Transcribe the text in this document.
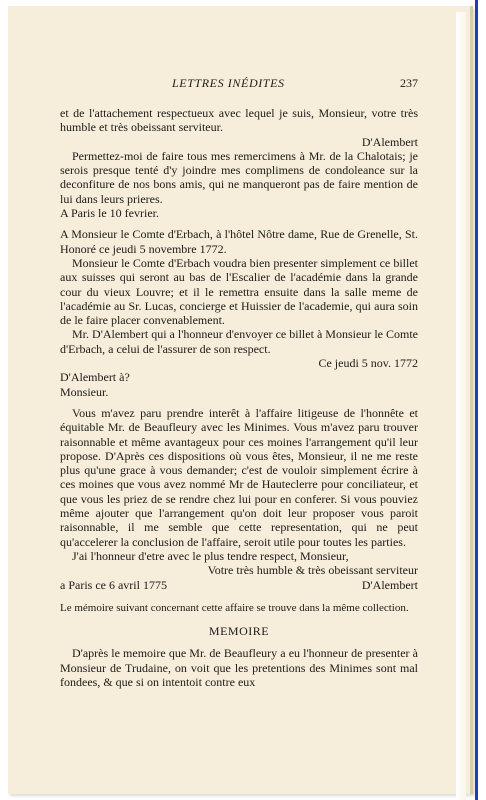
LETTRES INÉDITES	237

et de l'attachement respectueux avec lequel je suis, Monsieur, votre très humble et très obeissant serviteur.

D'Alembert

Permettez-moi de faire tous mes remercimens à Mr. de la Chalotais; je serois presque tenté d'y joindre mes complimens de condoleance sur la deconfiture de nos bons amis, qui ne manqueront pas de faire mention de lui dans leurs prieres.

A Paris le 10 fevrier.

A Monsieur le Comte d'Erbach, à l'hôtel Nôtre dame, Rue de Grenelle, St. Honoré ce jeudi 5 novembre 1772.

Monsieur le Comte d'Erbach voudra bien presenter simplement ce billet aux suisses qui seront au bas de l'Escalier de l'académie dans la grande cour du vieux Louvre; et il le remettra ensuite dans la salle meme de l'académie au Sr. Lucas, concierge et Huissier de l'academie, qui aura soin de le faire placer convenablement.

Mr. D'Alembert qui a l'honneur d'envoyer ce billet à Monsieur le Comte d'Erbach, a celui de l'assurer de son respect.

Ce jeudi 5 nov. 1772

D'Alembert à?

Monsieur.

Vous m'avez paru prendre interêt à l'affaire litigeuse de l'honnête et équitable Mr. de Beaufleury avec les Minimes. Vous m'avez paru trouver raisonnable et même avantageux pour ces moines l'arrangement qu'il leur propose. D'Après ces dispositions où vous êtes, Monsieur, il ne me reste plus qu'une grace à vous demander; c'est de vouloir simplement écrire à ces moines que vous avez nommé Mr de Hauteclerre pour conciliateur, et que vous les priez de se rendre chez lui pour en conferer. Si vous pouviez même ajouter que l'arrangement qu'on doit leur proposer vous paroit raisonnable, il me semble que cette representation, qui ne peut qu'accelerer la conclusion de l'affaire, seroit utile pour toutes les parties.

J'ai l'honneur d'etre avec le plus tendre respect, Monsieur,

Votre très humble & très obeissant serviteur

a Paris ce 6 avril 1775	D'Alembert

Le mémoire suivant concernant cette affaire se trouve dans la même collection.

MEMOIRE

D'après le memoire que Mr. de Beaufleury a eu l'honneur de presenter à Monsieur de Trudaine, on voit que les pretentions des Minimes sont mal fondees, & que si on intentoit contre eux
